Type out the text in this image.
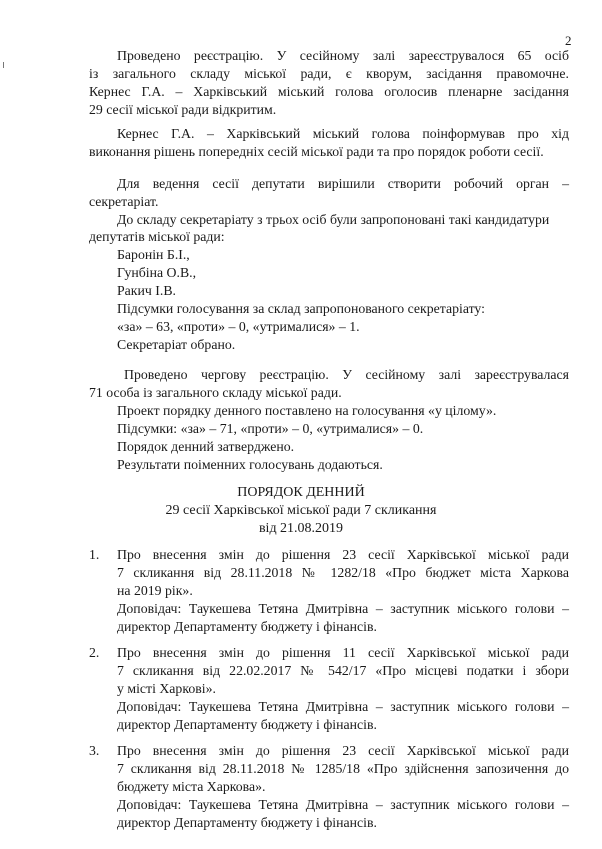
2
Проведено реєстрацію. У сесійному залі зареєструвалося 65 осіб
із загального складу міської ради, є кворум, засідання правомочне.
Кернес Г.А. – Харківський міський голова оголосив пленарне засідання
29 сесії міської ради відкритим.
Кернес Г.А. – Харківський міський голова поінформував про хід
виконання рішень попередніх сесій міської ради та про порядок роботи сесії.
Для ведення сесії депутати вирішили створити робочий орган –
секретаріат.
До складу секретаріату з трьох осіб були запропоновані такі кандидатури
депутатів міської ради:
Баронін Б.І.,
Гунбіна О.В.,
Ракич І.В.
Підсумки голосування за склад запропонованого секретаріату:
«за» – 63, «проти» – 0, «утрималися» – 1.
Секретаріат обрано.
Проведено чергову реєстрацію. У сесійному залі зареєструвалася
71 особа із загального складу міської ради.
Проект порядку денного поставлено на голосування «у цілому».
Підсумки: «за» – 71, «проти» – 0, «утрималися» – 0.
Порядок денний затверджено.
Результати поіменних голосувань додаються.
ПОРЯДОК ДЕННИЙ
29 сесії Харківської міської ради 7 скликання
від 21.08.2019
1. Про внесення змін до рішення 23 сесії Харківської міської ради
7 скликання від 28.11.2018 № 1282/18 «Про бюджет міста Харкова
на 2019 рік».
Доповідач: Таукешева Тетяна Дмитрівна – заступник міського голови –
директор Департаменту бюджету і фінансів.
2. Про внесення змін до рішення 11 сесії Харківської міської ради
7 скликання від 22.02.2017 № 542/17 «Про місцеві податки і збори
у місті Харкові».
Доповідач: Таукешева Тетяна Дмитрівна – заступник міського голови –
директор Департаменту бюджету і фінансів.
3. Про внесення змін до рішення 23 сесії Харківської міської ради
7 скликання від 28.11.2018 № 1285/18 «Про здійснення запозичення до
бюджету міста Харкова».
Доповідач: Таукешева Тетяна Дмитрівна – заступник міського голови –
директор Департаменту бюджету і фінансів.
